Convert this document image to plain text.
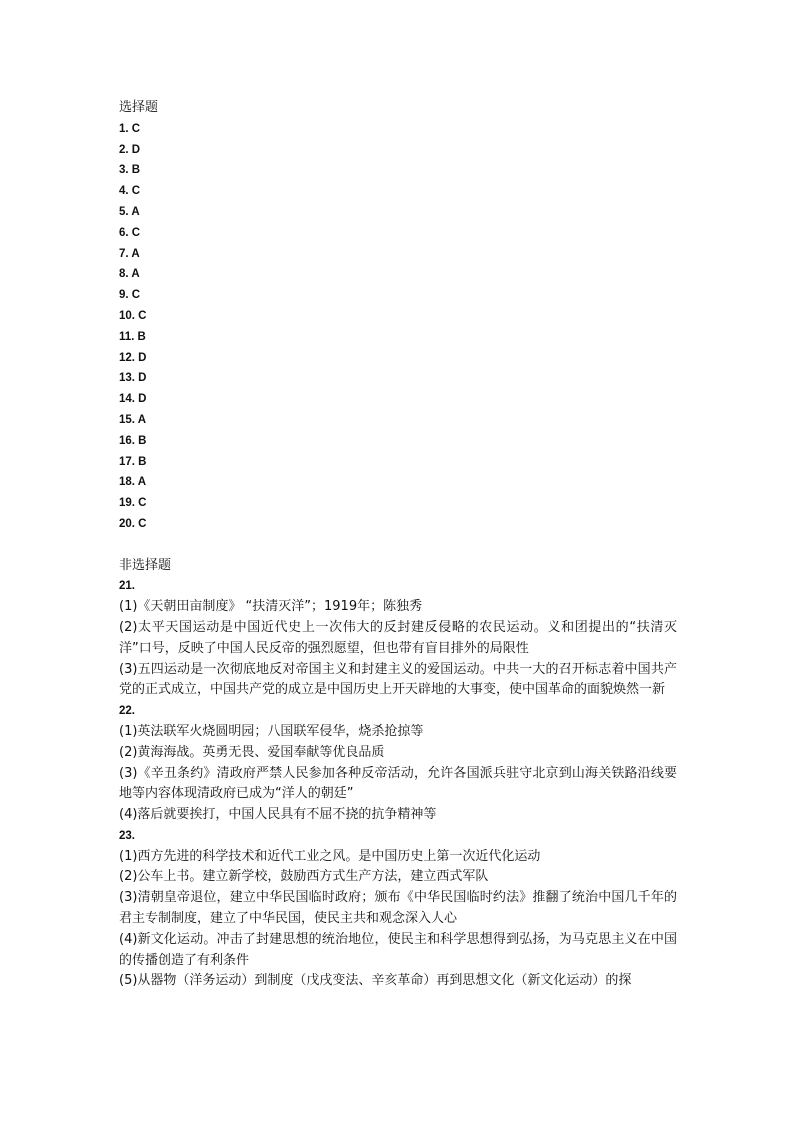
选择题
1. C
2. D
3. B
4. C
5. A
6. C
7. A
8. A
9. C
10. C
11. B
12. D
13. D
14. D
15. A
16. B
17. B
18. A
19. C
20. C
非选择题
21.
(1)《天朝田亩制度》 “扶清灭洋”；1919年；陈独秀
(2)太平天国运动是中国近代史上一次伟大的反封建反侵略的农民运动。义和团提出的“扶清灭洋”口号，反映了中国人民反帝的强烈愿望，但也带有盲目排外的局限性
(3)五四运动是一次彻底地反对帝国主义和封建主义的爱国运动。中共一大的召开标志着中国共产党的正式成立，中国共产党的成立是中国历史上开天辟地的大事变，使中国革命的面貌焕然一新
22.
(1)英法联军火烧圆明园；八国联军侵华，烧杀抢掠等
(2)黄海海战。英勇无畏、爱国奉献等优良品质
(3)《辛丑条约》清政府严禁人民参加各种反帝活动，允许各国派兵驻守北京到山海关铁路沿线要地等内容体现清政府已成为“洋人的朝廷”
(4)落后就要挨打，中国人民具有不屈不挠的抗争精神等
23.
(1)西方先进的科学技术和近代工业之风。是中国历史上第一次近代化运动
(2)公车上书。建立新学校，鼓励西方式生产方法，建立西式军队
(3)清朝皇帝退位，建立中华民国临时政府；颁布《中华民国临时约法》推翻了统治中国几千年的君主专制制度，建立了中华民国，使民主共和观念深入人心
(4)新文化运动。冲击了封建思想的统治地位，使民主和科学思想得到弘扬，为马克思主义在中国的传播创造了有利条件
(5)从器物（洋务运动）到制度（戊戌变法、辛亥革命）再到思想文化（新文化运动）的探
